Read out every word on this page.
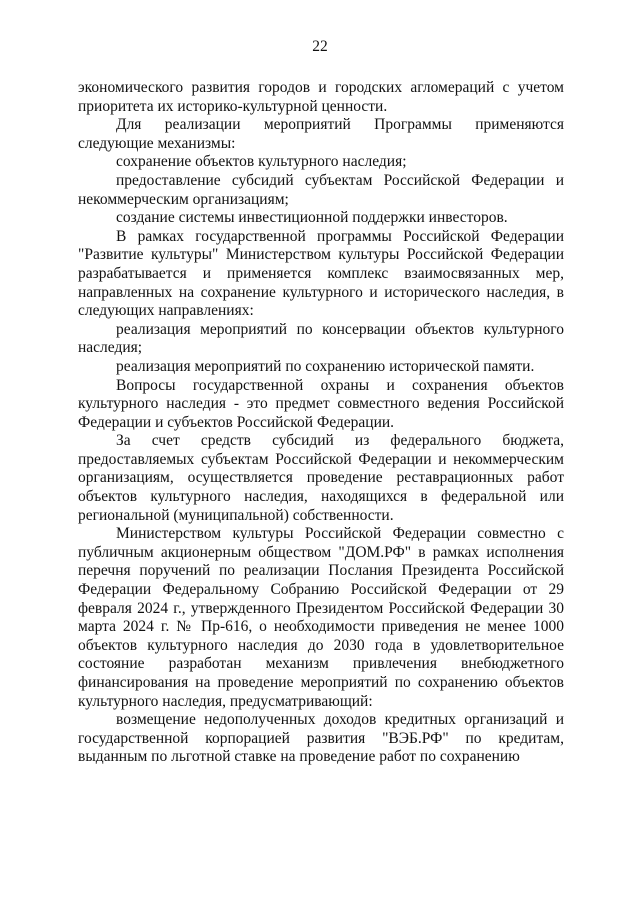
22

экономического развития городов и городских агломераций с учетом приоритета их историко-культурной ценности.

Для реализации мероприятий Программы применяются следующие механизмы:

сохранение объектов культурного наследия;

предоставление субсидий субъектам Российской Федерации и некоммерческим организациям;

создание системы инвестиционной поддержки инвесторов.

В рамках государственной программы Российской Федерации "Развитие культуры" Министерством культуры Российской Федерации разрабатывается и применяется комплекс взаимосвязанных мер, направленных на сохранение культурного и исторического наследия, в следующих направлениях:

реализация мероприятий по консервации объектов культурного наследия;

реализация мероприятий по сохранению исторической памяти.

Вопросы государственной охраны и сохранения объектов культурного наследия - это предмет совместного ведения Российской Федерации и субъектов Российской Федерации.

За счет средств субсидий из федерального бюджета, предоставляемых субъектам Российской Федерации и некоммерческим организациям, осуществляется проведение реставрационных работ объектов культурного наследия, находящихся в федеральной или региональной (муниципальной) собственности.

Министерством культуры Российской Федерации совместно с публичным акционерным обществом "ДОМ.РФ" в рамках исполнения перечня поручений по реализации Послания Президента Российской Федерации Федеральному Собранию Российской Федерации от 29 февраля 2024 г., утвержденного Президентом Российской Федерации 30 марта 2024 г. № Пр-616, о необходимости приведения не менее 1000 объектов культурного наследия до 2030 года в удовлетворительное состояние разработан механизм привлечения внебюджетного финансирования на проведение мероприятий по сохранению объектов культурного наследия, предусматривающий:

возмещение недополученных доходов кредитных организаций и государственной корпорацией развития "ВЭБ.РФ" по кредитам, выданным по льготной ставке на проведение работ по сохранению
